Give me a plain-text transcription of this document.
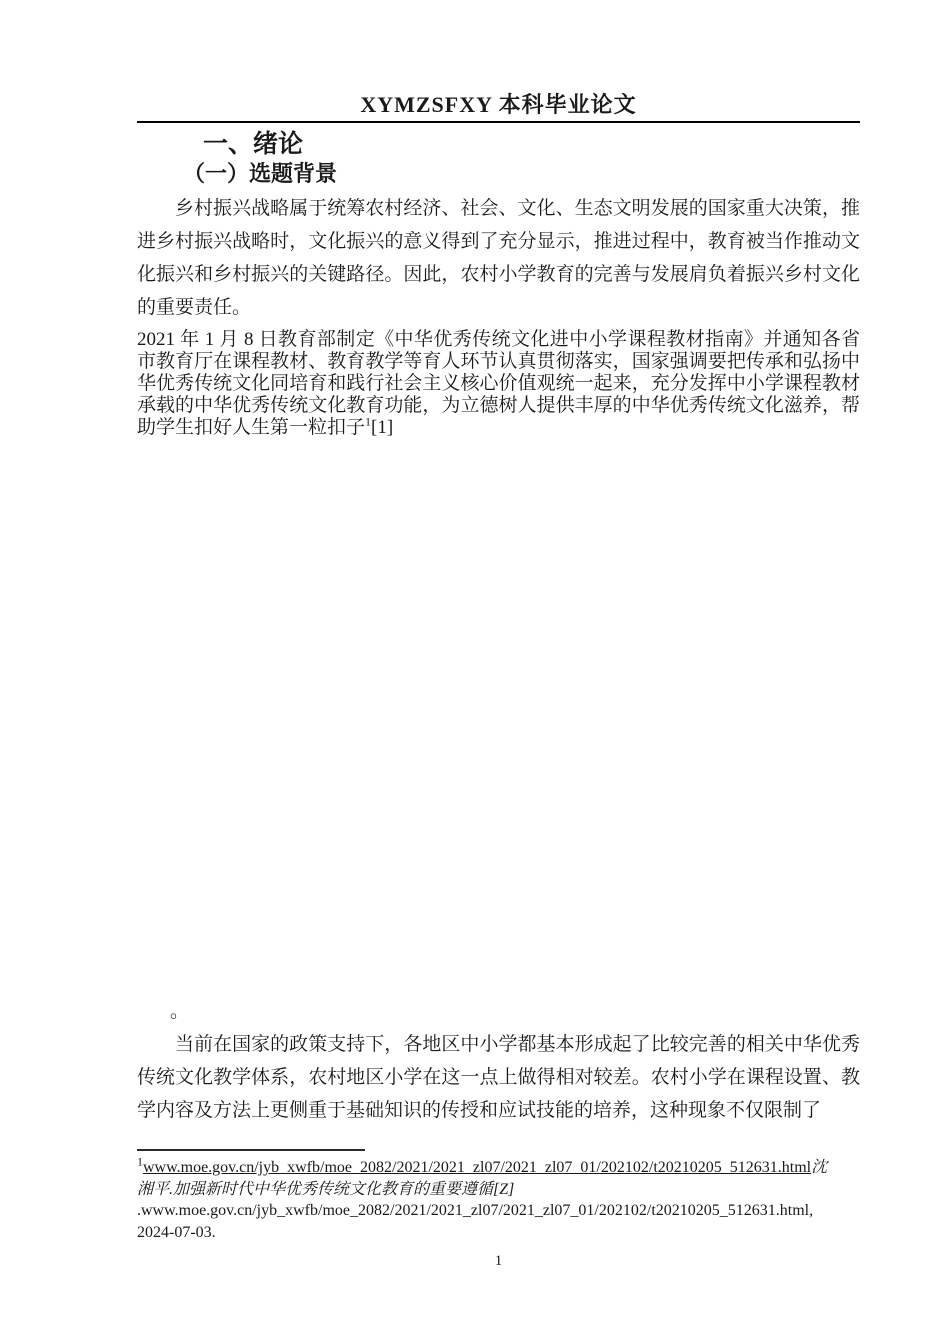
XYMZSFXY 本科毕业论文
一、绪论
（一）选题背景
乡村振兴战略属于统筹农村经济、社会、文化、生态文明发展的国家重大决策，推进乡村振兴战略时，文化振兴的意义得到了充分显示，推进过程中，教育被当作推动文化振兴和乡村振兴的关键路径。因此，农村小学教育的完善与发展肩负着振兴乡村文化的重要责任。
2021 年 1 月 8 日教育部制定《中华优秀传统文化进中小学课程教材指南》并通知各省市教育厅在课程教材、教育教学等育人环节认真贯彻落实，国家强调要把传承和弘扬中华优秀传统文化同培育和践行社会主义核心价值观统一起来，充分发挥中小学课程教材承载的中华优秀传统文化教育功能，为立德树人提供丰厚的中华优秀传统文化滋养，帮助学生扣好人生第一粒扣子$^1$[1]
。
当前在国家的政策支持下，各地区中小学都基本形成起了比较完善的相关中华优秀传统文化教学体系，农村地区小学在这一点上做得相对较差。农村小学在课程设置、教学内容及方法上更侧重于基础知识的传授和应试技能的培养，这种现象不仅限制了
$^1$www.moe.gov.cn/jyb_xwfb/moe_2082/2021/2021_zl07/2021_zl07_01/202102/t20210205_512631.html沈
湘平.加强新时代中华优秀传统文化教育的重要遵循[Z]
.www.moe.gov.cn/jyb_xwfb/moe_2082/2021/2021_zl07/2021_zl07_01/202102/t20210205_512631.html,
2024-07-03.
1
